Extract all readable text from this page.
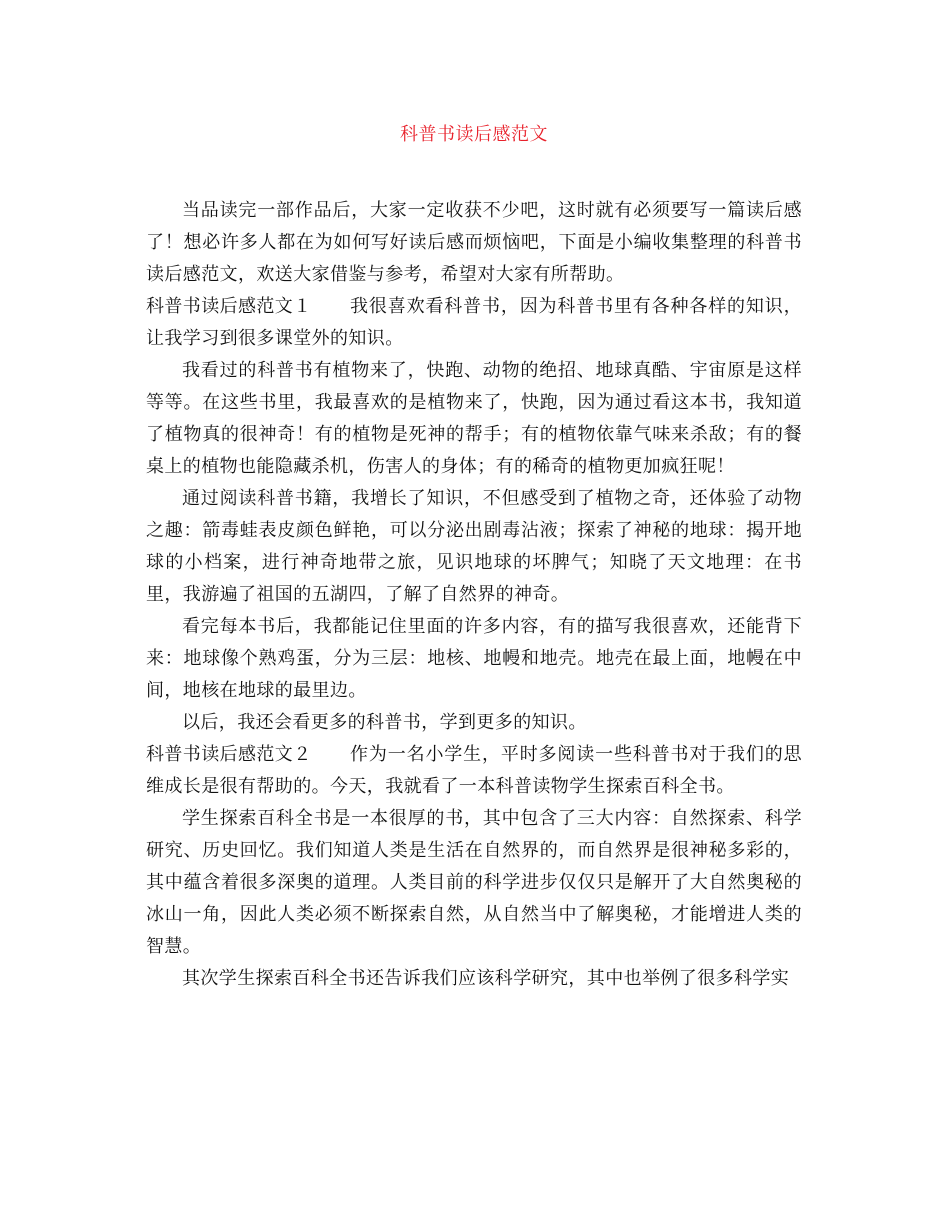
科普书读后感范文

当品读完一部作品后，大家一定收获不少吧，这时就有必须要写一篇读后感了！想必许多人都在为如何写好读后感而烦恼吧，下面是小编收集整理的科普书读后感范文，欢送大家借鉴与参考，希望对大家有所帮助。

科普书读后感范文１ 我很喜欢看科普书，因为科普书里有各种各样的知识，让我学习到很多课堂外的知识。

我看过的科普书有植物来了，快跑、动物的绝招、地球真酷、宇宙原是这样等等。在这些书里，我最喜欢的是植物来了，快跑，因为通过看这本书，我知道了植物真的很神奇！有的植物是死神的帮手；有的植物依靠气味来杀敌；有的餐桌上的植物也能隐藏杀机，伤害人的身体；有的稀奇的植物更加疯狂呢！

通过阅读科普书籍，我增长了知识，不但感受到了植物之奇，还体验了动物之趣：箭毒蛙表皮颜色鲜艳，可以分泌出剧毒沾液；探索了神秘的地球：揭开地球的小档案，进行神奇地带之旅，见识地球的坏脾气；知晓了天文地理：在书里，我游遍了祖国的五湖四，了解了自然界的神奇。

看完每本书后，我都能记住里面的许多内容，有的描写我很喜欢，还能背下来：地球像个熟鸡蛋，分为三层：地核、地幔和地壳。地壳在最上面，地幔在中间，地核在地球的最里边。

以后，我还会看更多的科普书，学到更多的知识。

科普书读后感范文２ 作为一名小学生，平时多阅读一些科普书对于我们的思维成长是很有帮助的。今天，我就看了一本科普读物学生探索百科全书。

学生探索百科全书是一本很厚的书，其中包含了三大内容：自然探索、科学研究、历史回忆。我们知道人类是生活在自然界的，而自然界是很神秘多彩的，其中蕴含着很多深奥的道理。人类目前的科学进步仅仅只是解开了大自然奥秘的冰山一角，因此人类必须不断探索自然，从自然当中了解奥秘，才能增进人类的智慧。

其次学生探索百科全书还告诉我们应该科学研究，其中也举例了很多科学实
